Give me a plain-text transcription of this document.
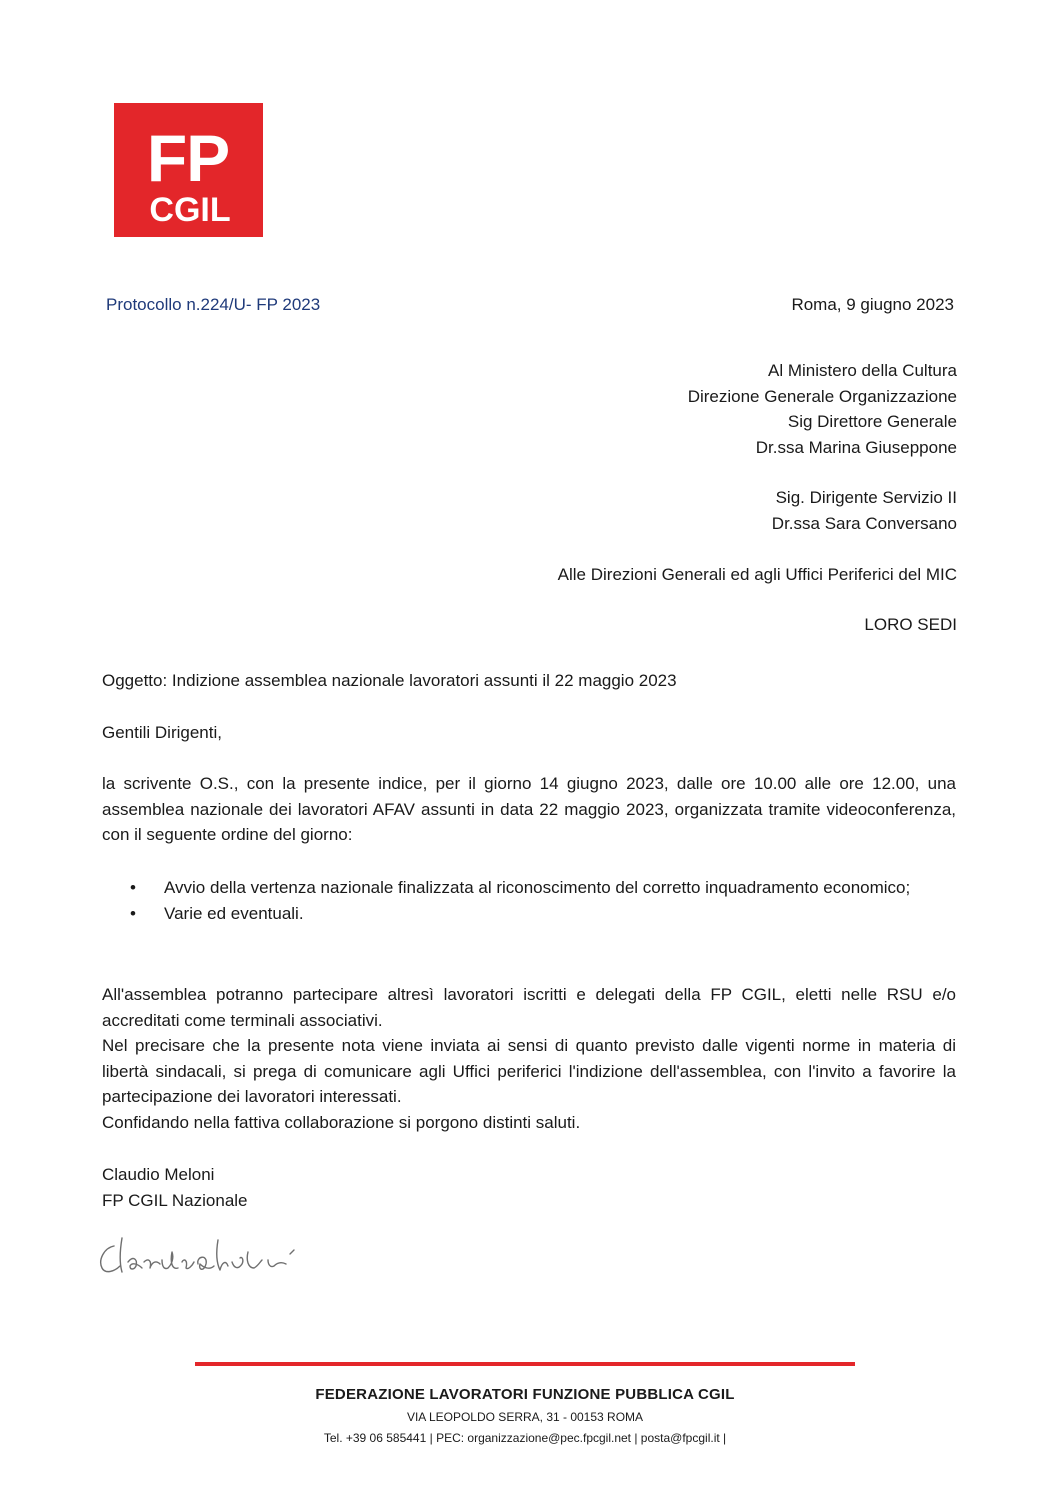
FP
CGIL
Protocollo n.224/U- FP 2023	Roma, 9 giugno 2023
Al Ministero della Cultura
Direzione Generale Organizzazione
Sig Direttore Generale
Dr.ssa Marina Giuseppone
Sig. Dirigente Servizio II
Dr.ssa Sara Conversano
Alle Direzioni Generali ed agli Uffici Periferici del MIC
LORO SEDI
Oggetto: Indizione assemblea nazionale lavoratori assunti il 22 maggio 2023
Gentili Dirigenti,
la scrivente O.S., con la presente indice, per il giorno 14 giugno 2023, dalle ore 10.00 alle ore 12.00, una assemblea nazionale dei lavoratori AFAV assunti in data 22 maggio 2023, organizzata tramite videoconferenza, con il seguente ordine del giorno:
•	Avvio della vertenza nazionale finalizzata al riconoscimento del corretto inquadramento economico;
•	Varie ed eventuali.
All'assemblea potranno partecipare altresì lavoratori iscritti e delegati della FP CGIL, eletti nelle RSU e/o accreditati come terminali associativi.
Nel precisare che la presente nota viene inviata ai sensi di quanto previsto dalle vigenti norme in materia di libertà sindacali, si prega di comunicare agli Uffici periferici l'indizione dell'assemblea, con l'invito a favorire la partecipazione dei lavoratori interessati.
Confidando nella fattiva collaborazione si porgono distinti saluti.
Claudio Meloni
FP CGIL Nazionale
FEDERAZIONE LAVORATORI FUNZIONE PUBBLICA CGIL
VIA LEOPOLDO SERRA, 31 - 00153 ROMA
Tel. +39 06 585441 | PEC: organizzazione@pec.fpcgil.net | posta@fpcgil.it |
